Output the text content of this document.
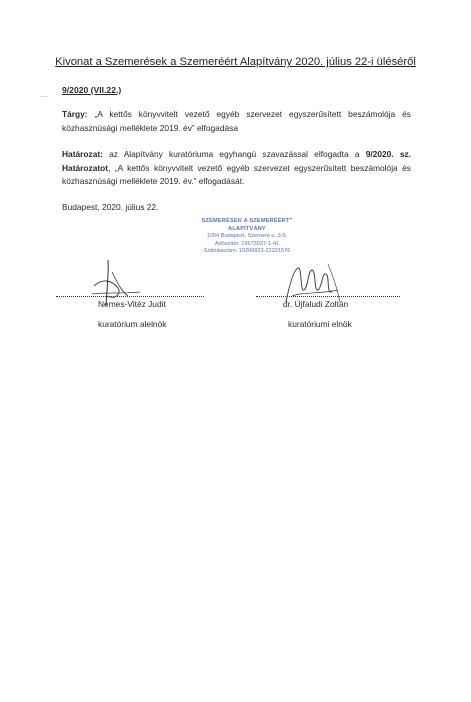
Kivonat a Szemerések a Szemeréért Alapítvány 2020. július 22-i üléséről
9/2020 (VII.22.)
Tárgy: „A kettős könyvvitelt vezető egyéb szervezet egyszerűsített beszámolója és közhasznúsági melléklete 2019. év” elfogadása
Határozat: az Alapítvány kuratóriuma egyhangú szavazással elfogadta a 9/2020. sz. Határozatot, „A kettős könyvvitelt vezető egyéb szervezet egyszerűsített beszámolója és közhasznúsági melléklete 2019. év.” elfogadását.
Budapest, 2020. július 22.
SZEMERÉSEK A SZEMERÉÉRT"
ALAPÍTVÁNY
1054 Budapest, Szemere u. 3-5.
Adószám: 19673037-1-41
Számlaszám: 10200823-22221576
Nemes-Vitéz Judit
kuratórium alelnök
dr. Újfaludi Zoltán
kuratóriumi elnök
